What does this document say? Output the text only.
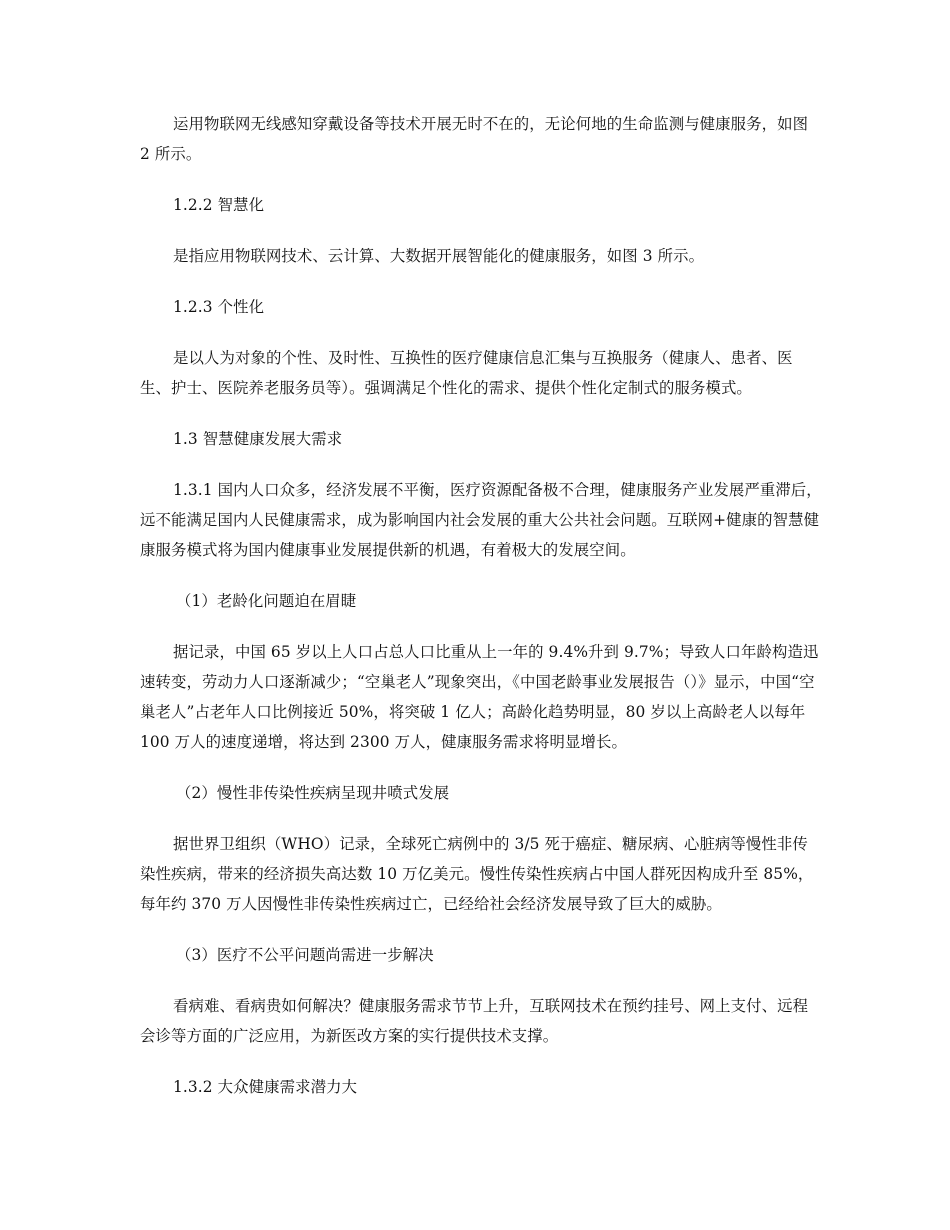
运用物联网无线感知穿戴设备等技术开展无时不在的，无论何地的生命监测与健康服务，如图 2 所示。

1.2.2 智慧化

是指应用物联网技术、云计算、大数据开展智能化的健康服务，如图 3 所示。

1.2.3 个性化

是以人为对象的个性、及时性、互换性的医疗健康信息汇集与互换服务（健康人、患者、医生、护士、医院养老服务员等）。强调满足个性化的需求、提供个性化定制式的服务模式。

1.3 智慧健康发展大需求

1.3.1 国内人口众多，经济发展不平衡，医疗资源配备极不合理，健康服务产业发展严重滞后，远不能满足国内人民健康需求，成为影响国内社会发展的重大公共社会问题。互联网+健康的智慧健康服务模式将为国内健康事业发展提供新的机遇，有着极大的发展空间。

（1）老龄化问题迫在眉睫

据记录，中国 65 岁以上人口占总人口比重从上一年的 9.4%升到 9.7%；导致人口年龄构造迅速转变，劳动力人口逐渐减少；“空巢老人”现象突出，《中国老龄事业发展报告（）》显示，中国“空巢老人”占老年人口比例接近 50%，将突破 1 亿人；高龄化趋势明显，80 岁以上高龄老人以每年 100 万人的速度递增，将达到 2300 万人，健康服务需求将明显增长。

（2）慢性非传染性疾病呈现井喷式发展

据世界卫组织（WHO）记录，全球死亡病例中的 3/5 死于癌症、糖尿病、心脏病等慢性非传染性疾病，带来的经济损失高达数 10 万亿美元。慢性传染性疾病占中国人群死因构成升至 85%，每年约 370 万人因慢性非传染性疾病过亡，已经给社会经济发展导致了巨大的威胁。

（3）医疗不公平问题尚需进一步解决

看病难、看病贵如何解决？健康服务需求节节上升，互联网技术在预约挂号、网上支付、远程会诊等方面的广泛应用，为新医改方案的实行提供技术支撑。

1.3.2 大众健康需求潜力大
